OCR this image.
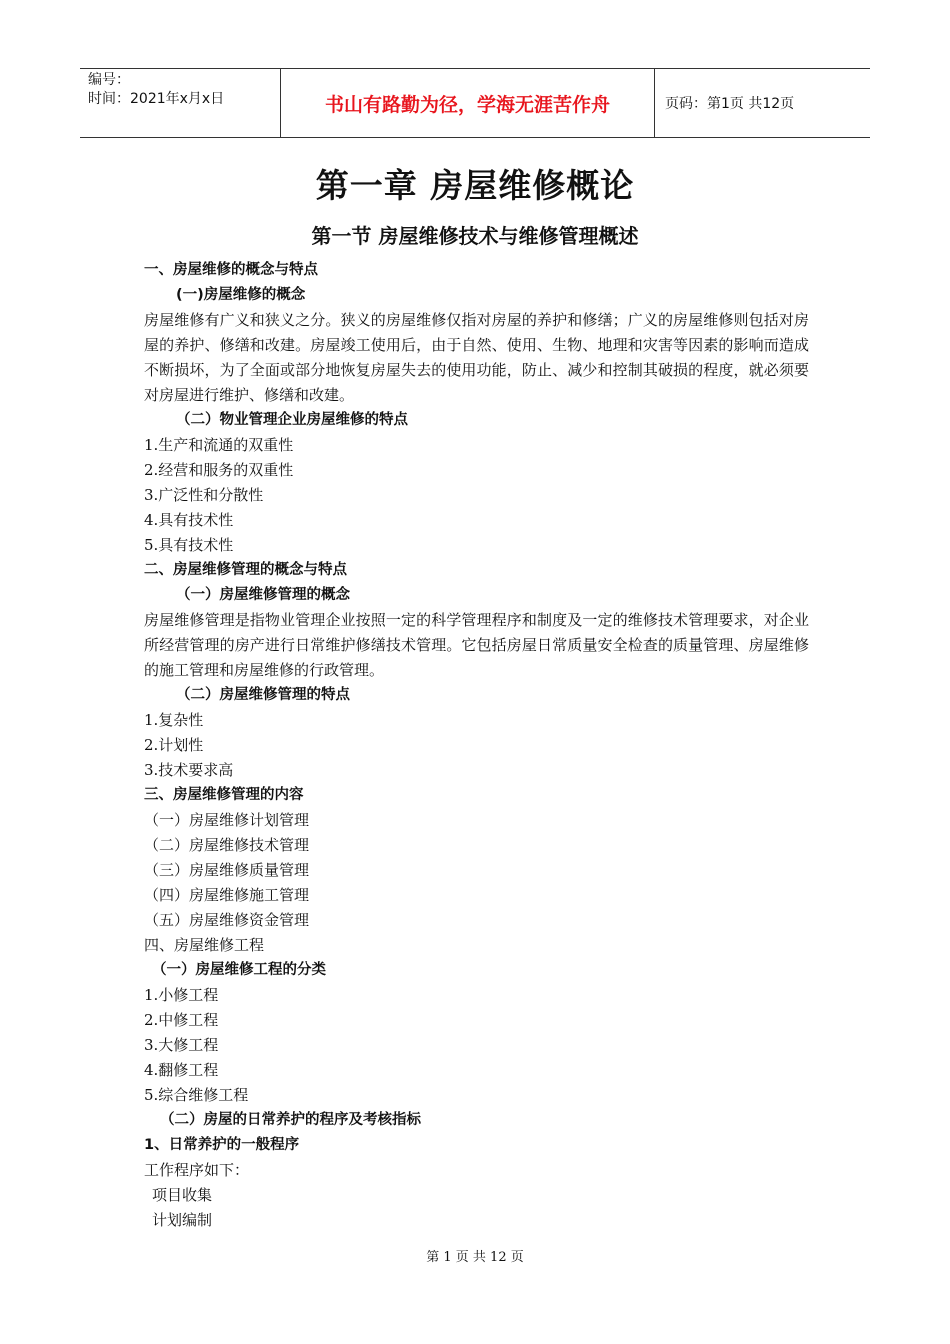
编号：
时间：2021年x月x日	书山有路勤为径，学海无涯苦作舟	页码：第1页 共12页
第一章 房屋维修概论
第一节 房屋维修技术与维修管理概述
一、房屋维修的概念与特点
(一)房屋维修的概念
房屋维修有广义和狭义之分。狭义的房屋维修仅指对房屋的养护和修缮；广义的房屋维修则包括对房屋的养护、修缮和改建。房屋竣工使用后，由于自然、使用、生物、地理和灾害等因素的影响而造成不断损坏，为了全面或部分地恢复房屋失去的使用功能，防止、减少和控制其破损的程度，就必须要对房屋进行维护、修缮和改建。
（二）物业管理企业房屋维修的特点
1.生产和流通的双重性
2.经营和服务的双重性
3.广泛性和分散性
4.具有技术性
5.具有技术性
二、房屋维修管理的概念与特点
（一）房屋维修管理的概念
房屋维修管理是指物业管理企业按照一定的科学管理程序和制度及一定的维修技术管理要求，对企业所经营管理的房产进行日常维护修缮技术管理。它包括房屋日常质量安全检查的质量管理、房屋维修的施工管理和房屋维修的行政管理。
（二）房屋维修管理的特点
1.复杂性
2.计划性
3.技术要求高
三、房屋维修管理的内容
（一）房屋维修计划管理
（二）房屋维修技术管理
（三）房屋维修质量管理
（四）房屋维修施工管理
（五）房屋维修资金管理
四、房屋维修工程
（一）房屋维修工程的分类
1.小修工程
2.中修工程
3.大修工程
4.翻修工程
5.综合维修工程
（二）房屋的日常养护的程序及考核指标
1、日常养护的一般程序
工作程序如下：
项目收集
计划编制
第 1 页 共 12 页
